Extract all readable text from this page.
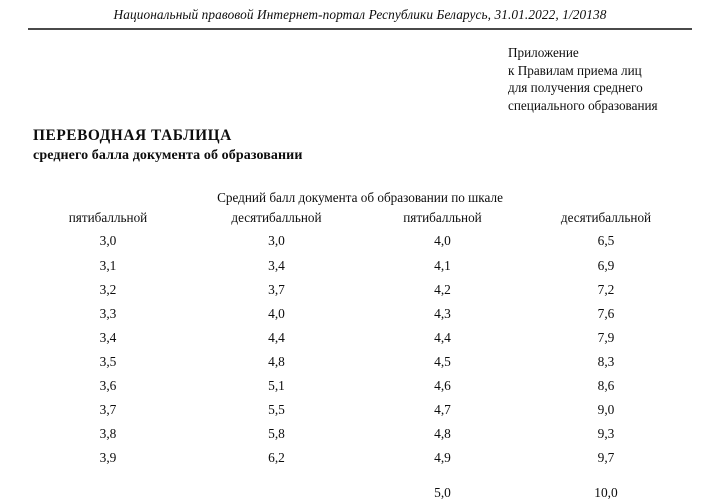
Национальный правовой Интернет-портал Республики Беларусь, 31.01.2022, 1/20138
Приложение
к Правилам приема лиц
для получения среднего
специального образования
ПЕРЕВОДНАЯ ТАБЛИЦА
среднего балла документа об образовании
Средний балл документа об образовании по шкале			
пятибалльной	десятибалльной	пятибалльной	десятибалльной
3,0	3,0	4,0	6,5
3,1	3,4	4,1	6,9
3,2	3,7	4,2	7,2
3,3	4,0	4,3	7,6
3,4	4,4	4,4	7,9
3,5	4,8	4,5	8,3
3,6	5,1	4,6	8,6
3,7	5,5	4,7	9,0
3,8	5,8	4,8	9,3
3,9	6,2	4,9	9,7

		5,0	10,0
